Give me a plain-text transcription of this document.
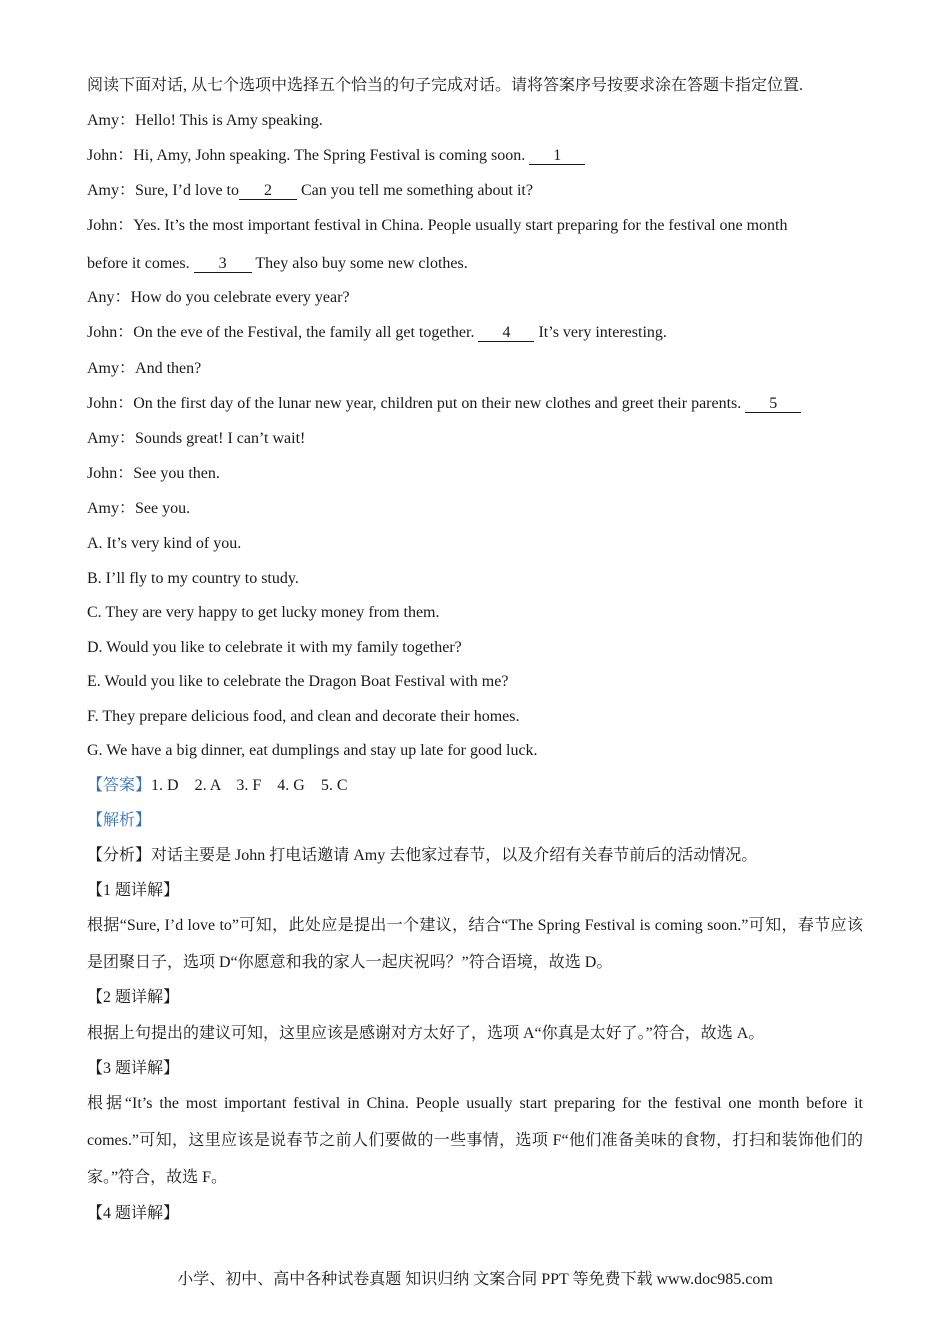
阅读下面对话, 从七个选项中选择五个恰当的句子完成对话。请将答案序号按要求涂在答题卡指定位置.
Amy：Hello! This is Amy speaking.
John：Hi, Amy, John speaking. The Spring Festival is coming soon. 1
Amy：Sure, I’d love to 2 Can you tell me something about it?
John：Yes. It’s the most important festival in China. People usually start preparing for the festival one month
before it comes. 3 They also buy some new clothes.
Any：How do you celebrate every year?
John：On the eve of the Festival, the family all get together. 4 It’s very interesting.
Amy：And then?
John：On the first day of the lunar new year, children put on their new clothes and greet their parents. 5
Amy：Sounds great! I can’t wait!
John：See you then.
Amy：See you.
A. It’s very kind of you.
B. I’ll fly to my country to study.
C. They are very happy to get lucky money from them.
D. Would you like to celebrate it with my family together?
E. Would you like to celebrate the Dragon Boat Festival with me?
F. They prepare delicious food, and clean and decorate their homes.
G. We have a big dinner, eat dumplings and stay up late for good luck.
【答案】1. D    2. A    3. F    4. G    5. C
【解析】
【分析】对话主要是 John 打电话邀请 Amy 去他家过春节，以及介绍有关春节前后的活动情况。
【1 题详解】
根据“Sure, I’d love to”可知，此处应是提出一个建议，结合“The Spring Festival is coming soon.”可知，春节应该是团聚日子，选项 D“你愿意和我的家人一起庆祝吗？”符合语境，故选 D。
【2 题详解】
根据上句提出的建议可知，这里应该是感谢对方太好了，选项 A“你真是太好了。”符合，故选 A。
【3 题详解】
根据“It’s the most important festival in China. People usually start preparing for the festival one month before it comes.”可知，这里应该是说春节之前人们要做的一些事情，选项 F“他们准备美味的食物，打扫和装饰他们的家。”符合，故选 F。
【4 题详解】
小学、初中、高中各种试卷真题 知识归纳 文案合同 PPT 等免费下载 www.doc985.com
